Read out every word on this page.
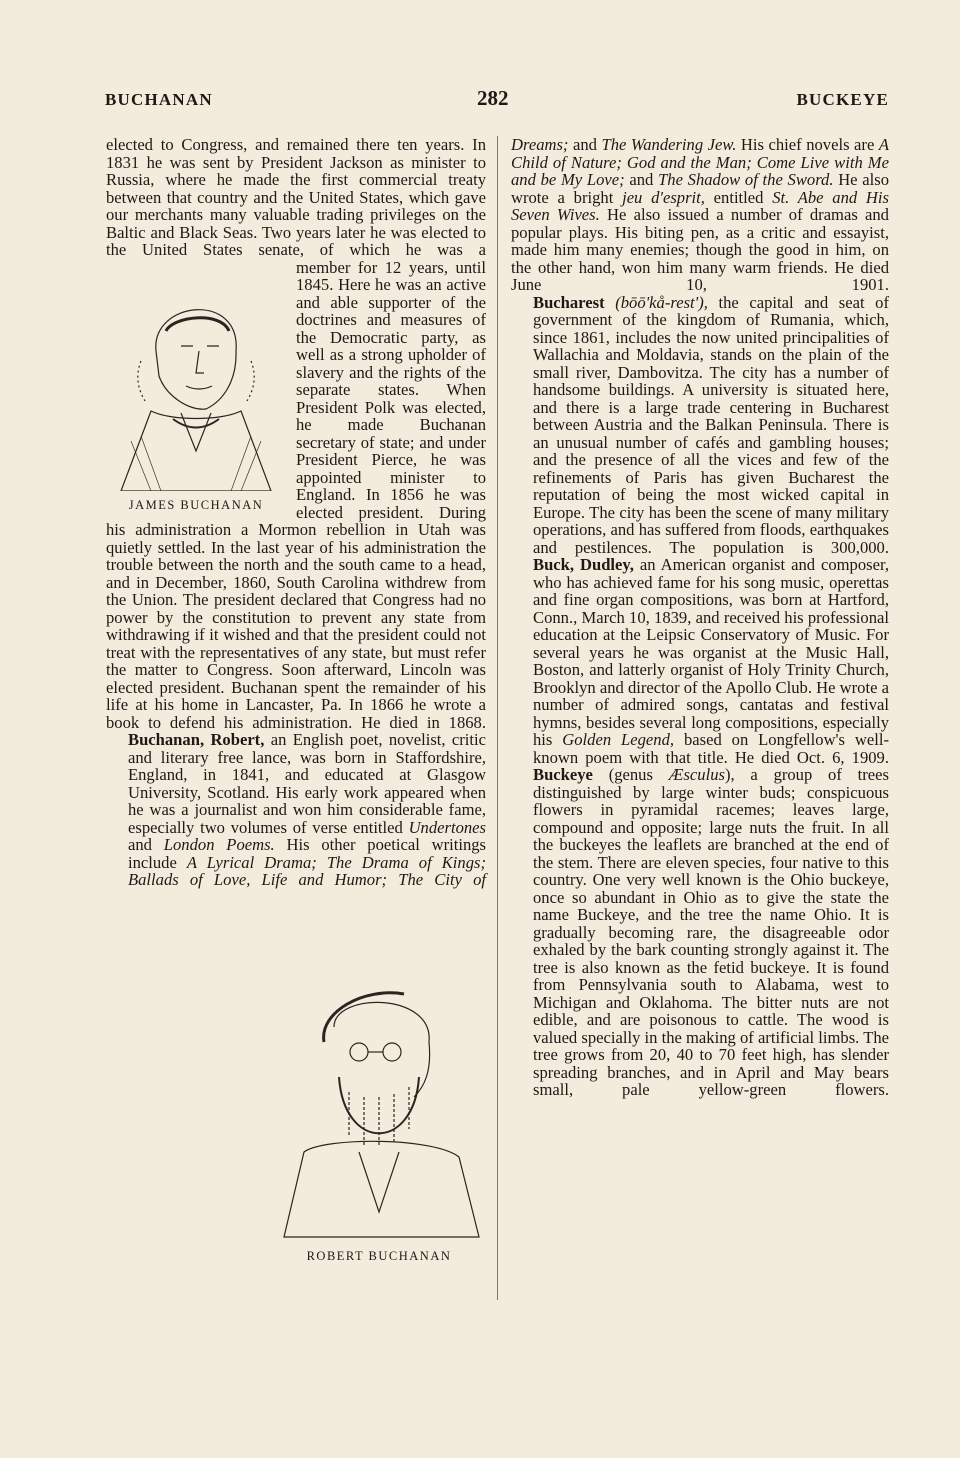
BUCHANAN	282	BUCKEYE

elected to Congress, and remained there ten years. In 1831 he was sent by President Jackson as minister to Russia, where he made the first commercial treaty between that country and the United States, which gave our merchants many valuable trading privileges on the Baltic and Black Seas. Two years later he was elected to the United States senate, of which he was a

JAMES BUCHANAN

member for 12 years, until 1845. Here he was an active and able supporter of the doctrines and measures of the Democratic party, as well as a strong upholder of slavery and the rights of the separate states. When President Polk was elected, he made Buchanan secretary of state; and under President Pierce, he was appointed minister to England. In 1856 he was elected president. During his administration a Mormon rebellion in Utah was quietly settled. In the last year of his administration the trouble between the north and the south came to a head, and in December, 1860, South Carolina withdrew from the Union. The president declared that Congress had no power by the constitution to prevent any state from withdrawing if it wished and that the president could not treat with the representatives of any state, but must refer the matter to Congress. Soon afterward, Lincoln was elected president. Buchanan spent the remainder of his life at his home in Lancaster, Pa. In 1866 he wrote a book to defend his administration. He died in 1868.

Buchanan, Robert, an English poet, novelist, critic and literary free lance, was born in Staffordshire, England, in 1841, and educated at Glasgow University, Scotland. His early work appeared when he was a journalist and won him considerable fame, especially two volumes of verse entitled Undertones and London Poems. His other poetical writings include A Lyrical Drama; The Drama of Kings; Ballads of Love, Life and Humor; The City of

ROBERT BUCHANAN

Dreams; and The Wandering Jew. His chief novels are A Child of Nature; God and the Man; Come Live with Me and be My Love; and The Shadow of the Sword. He also wrote a bright jeu d'esprit, entitled St. Abe and His Seven Wives. He also issued a number of dramas and popular plays. His biting pen, as a critic and essayist, made him many enemies; though the good in him, on the other hand, won him many warm friends. He died June 10, 1901.

Bucharest (bōō'kå-rest'), the capital and seat of government of the kingdom of Rumania, which, since 1861, includes the now united principalities of Wallachia and Moldavia, stands on the plain of the small river, Dambovitza. The city has a number of handsome buildings. A university is situated here, and there is a large trade centering in Bucharest between Austria and the Balkan Peninsula. There is an unusual number of cafés and gambling houses; and the presence of all the vices and few of the refinements of Paris has given Bucharest the reputation of being the most wicked capital in Europe. The city has been the scene of many military operations, and has suffered from floods, earthquakes and pestilences. The population is 300,000.

Buck, Dudley, an American organist and composer, who has achieved fame for his song music, operettas and fine organ compositions, was born at Hartford, Conn., March 10, 1839, and received his professional education at the Leipsic Conservatory of Music. For several years he was organist at the Music Hall, Boston, and latterly organist of Holy Trinity Church, Brooklyn and director of the Apollo Club. He wrote a number of admired songs, cantatas and festival hymns, besides several long compositions, especially his Golden Legend, based on Longfellow's well-known poem with that title. He died Oct. 6, 1909.

Buckeye (genus Æsculus), a group of trees distinguished by large winter buds; conspicuous flowers in pyramidal racemes; leaves large, compound and opposite; large nuts the fruit. In all the buckeyes the leaflets are branched at the end of the stem. There are eleven species, four native to this country. One very well known is the Ohio buckeye, once so abundant in Ohio as to give the state the name Buckeye, and the tree the name Ohio. It is gradually becoming rare, the disagreeable odor exhaled by the bark counting strongly against it. The tree is also known as the fetid buckeye. It is found from Pennsylvania south to Alabama, west to Michigan and Oklahoma. The bitter nuts are not edible, and are poisonous to cattle. The wood is valued specially in the making of artificial limbs. The tree grows from 20, 40 to 70 feet high, has slender spreading branches, and in April and May bears small, pale yellow-green flowers.
